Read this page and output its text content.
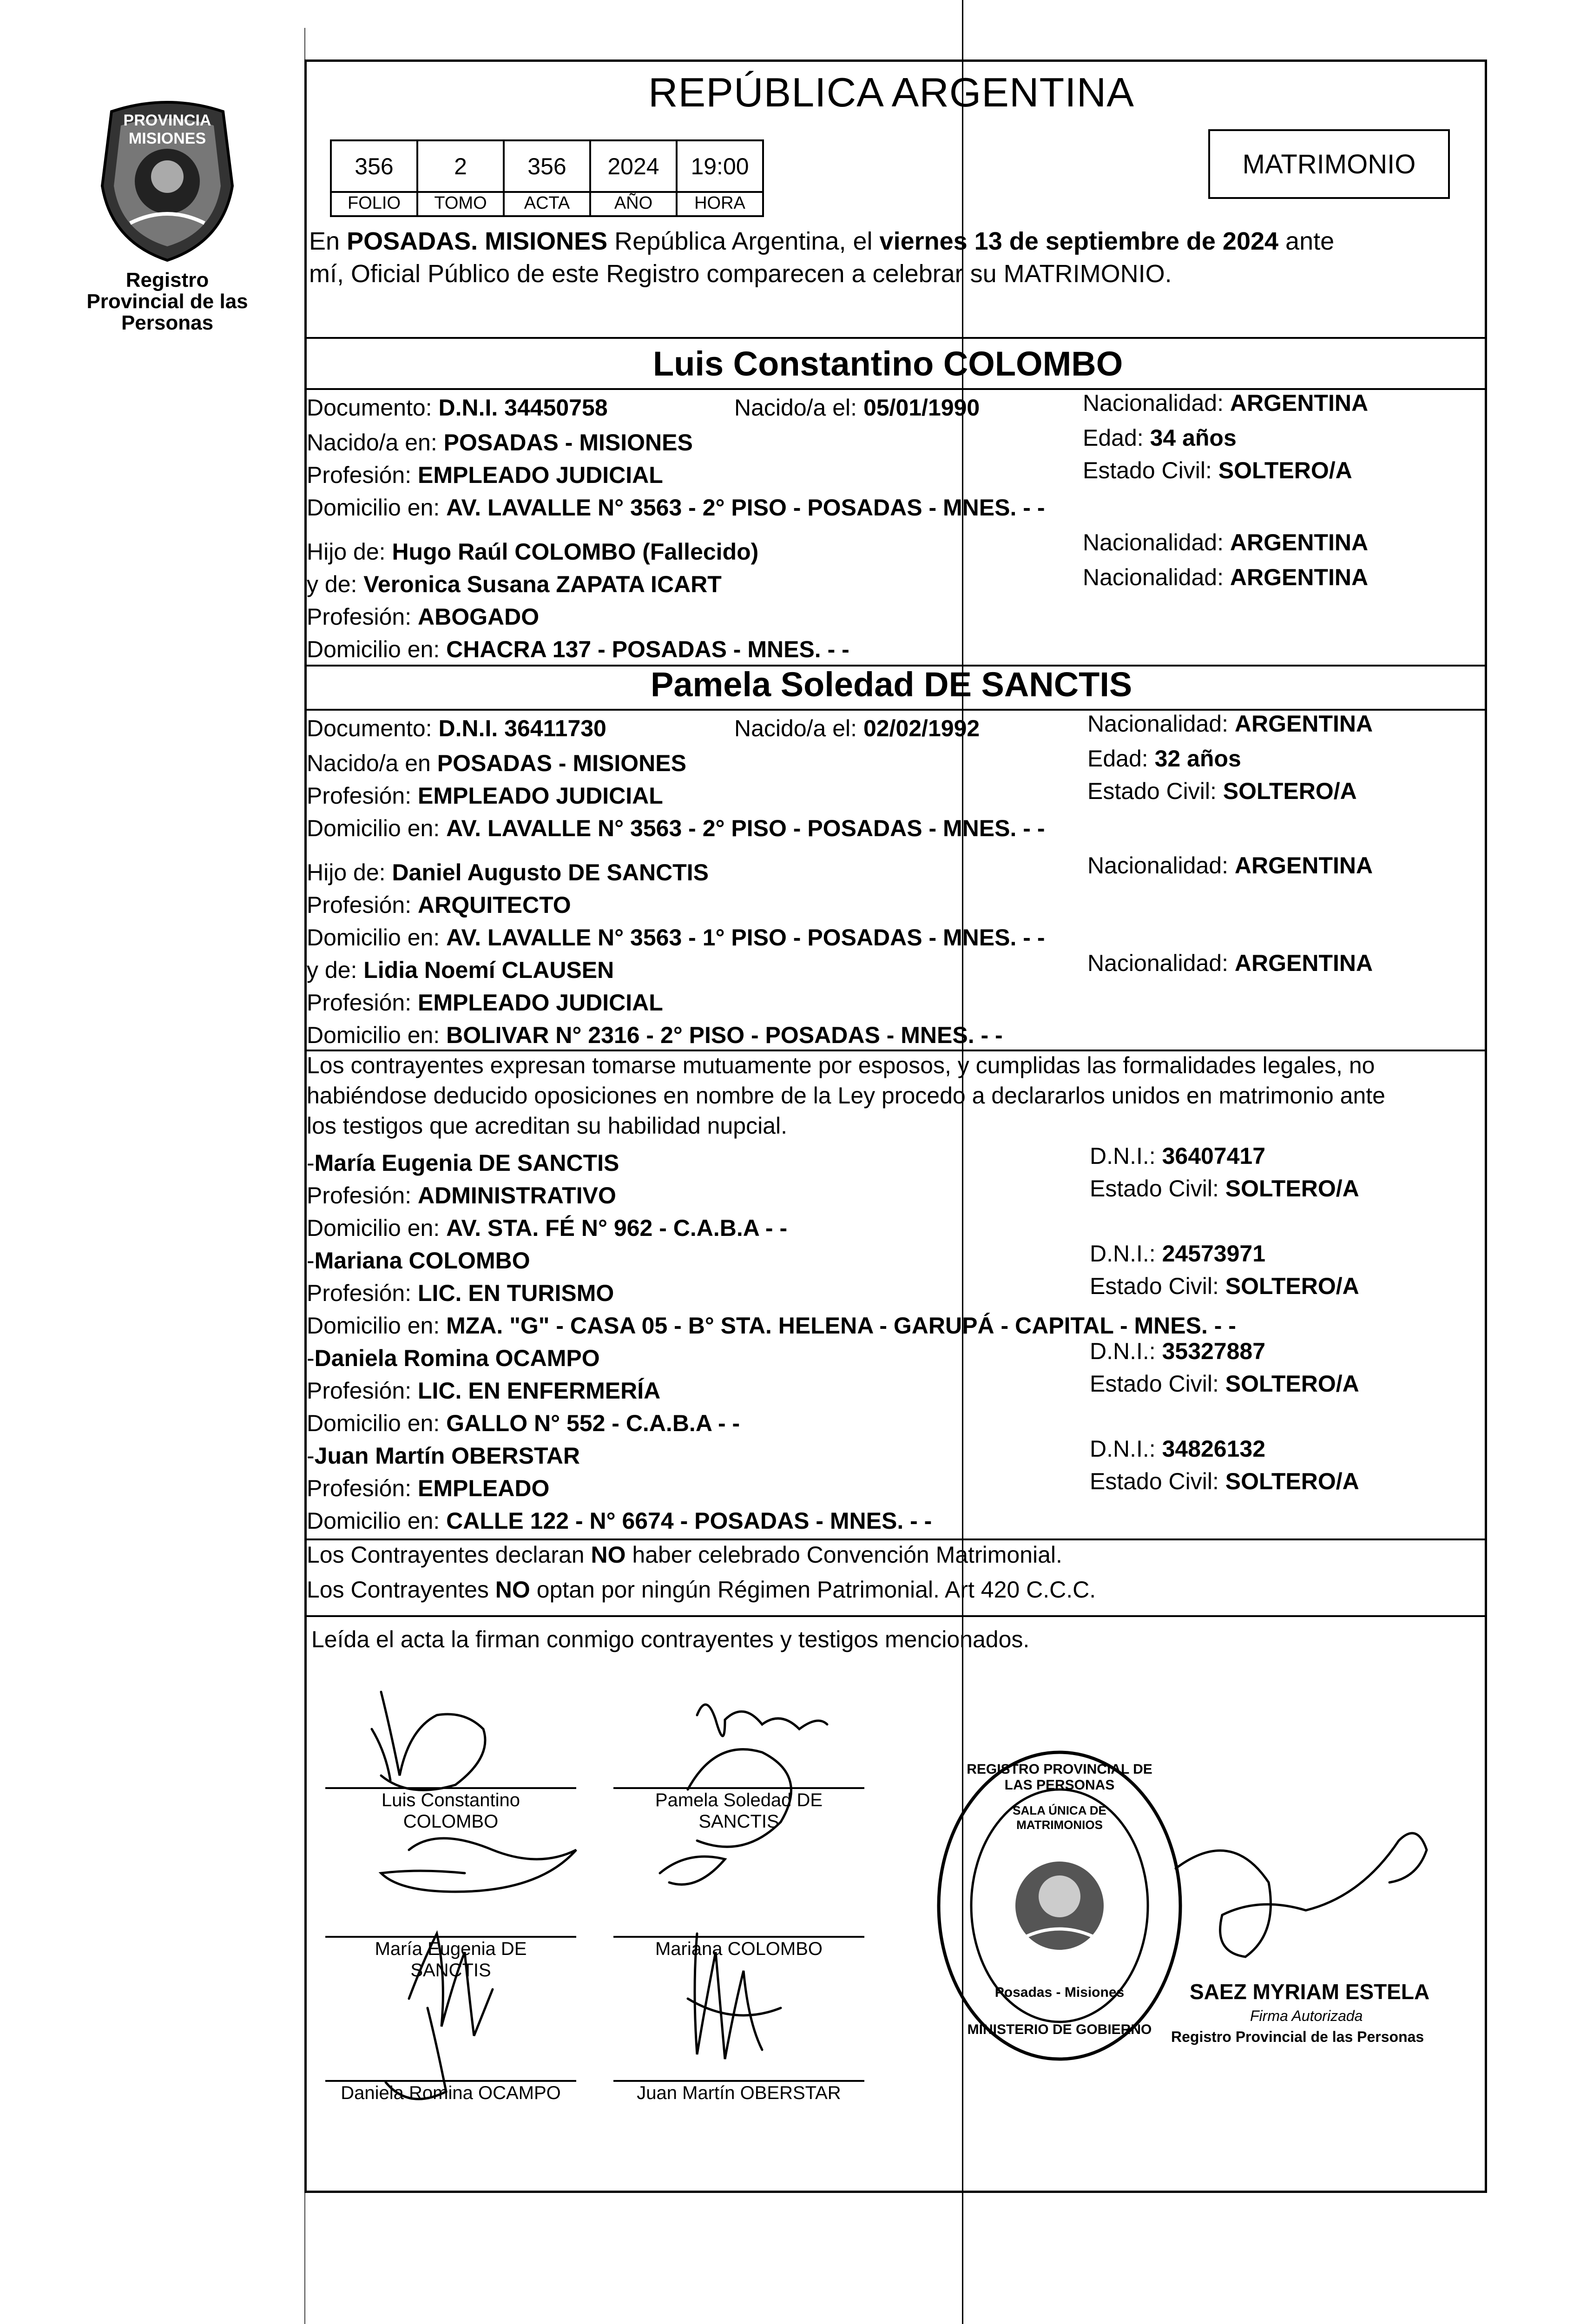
PROVINCIA MISIONES
Registro Provincial de las Personas
REPÚBLICA ARGENTINA
MATRIMONIO
356	2	356	2024	19:00
FOLIO	TOMO	ACTA	AÑO	HORA
En POSADAS. MISIONES República Argentina, el viernes 13 de septiembre de 2024 ante
mí, Oficial Público de este Registro comparecen a celebrar su MATRIMONIO.
Luis Constantino COLOMBO
Documento: D.N.I. 34450758	Nacido/a el: 05/01/1990	Nacionalidad: ARGENTINA
Nacido/a en: POSADAS - MISIONES	Edad: 34 años
Profesión: EMPLEADO JUDICIAL	Estado Civil: SOLTERO/A
Domicilio en: AV. LAVALLE N° 3563 - 2° PISO - POSADAS - MNES. - -
Hijo de: Hugo Raúl COLOMBO (Fallecido)	Nacionalidad: ARGENTINA
y de: Veronica Susana ZAPATA ICART	Nacionalidad: ARGENTINA
Profesión: ABOGADO
Domicilio en: CHACRA 137 - POSADAS - MNES. - -
Pamela Soledad DE SANCTIS
Documento: D.N.I. 36411730	Nacido/a el: 02/02/1992	Nacionalidad: ARGENTINA
Nacido/a en POSADAS - MISIONES	Edad: 32 años
Profesión: EMPLEADO JUDICIAL	Estado Civil: SOLTERO/A
Domicilio en: AV. LAVALLE N° 3563 - 2° PISO - POSADAS - MNES. - -
Hijo de: Daniel Augusto DE SANCTIS	Nacionalidad: ARGENTINA
Profesión: ARQUITECTO
Domicilio en: AV. LAVALLE N° 3563 - 1° PISO - POSADAS - MNES. - -
y de: Lidia Noemí CLAUSEN	Nacionalidad: ARGENTINA
Profesión: EMPLEADO JUDICIAL
Domicilio en: BOLIVAR N° 2316 - 2° PISO - POSADAS - MNES. - -
Los contrayentes expresan tomarse mutuamente por esposos, y cumplidas las formalidades legales, no
habiéndose deducido oposiciones en nombre de la Ley procedo a declararlos unidos en matrimonio ante
los testigos que acreditan su habilidad nupcial.
-María Eugenia DE SANCTIS	D.N.I.: 36407417
Profesión: ADMINISTRATIVO	Estado Civil: SOLTERO/A
Domicilio en: AV. STA. FÉ N° 962 - C.A.B.A - -
-Mariana COLOMBO	D.N.I.: 24573971
Profesión: LIC. EN TURISMO	Estado Civil: SOLTERO/A
Domicilio en: MZA. "G" - CASA 05 - B° STA. HELENA - GARUPÁ - CAPITAL - MNES. - -
-Daniela Romina OCAMPO	D.N.I.: 35327887
Profesión: LIC. EN ENFERMERÍA	Estado Civil: SOLTERO/A
Domicilio en: GALLO N° 552 - C.A.B.A - -
-Juan Martín OBERSTAR	D.N.I.: 34826132
Profesión: EMPLEADO	Estado Civil: SOLTERO/A
Domicilio en: CALLE 122 - N° 6674 - POSADAS - MNES. - -
Los Contrayentes declaran NO haber celebrado Convención Matrimonial.
Los Contrayentes NO optan por ningún Régimen Patrimonial. Art 420 C.C.C.
Leída el acta la firman conmigo contrayentes y testigos mencionados.
Luis Constantino
COLOMBO
Pamela Soledad DE
SANCTIS
María Eugenia DE
SANCTIS
Mariana COLOMBO
Daniela Romina OCAMPO	Juan Martín OBERSTAR
REGISTRO PROVINCIAL DE LAS PERSONAS
SALA ÚNICA DE MATRIMONIOS
Posadas - Misiones
MINISTERIO DE GOBIERNO
SAEZ MYRIAM ESTELA
Firma Autorizada
Registro Provincial de las Personas
